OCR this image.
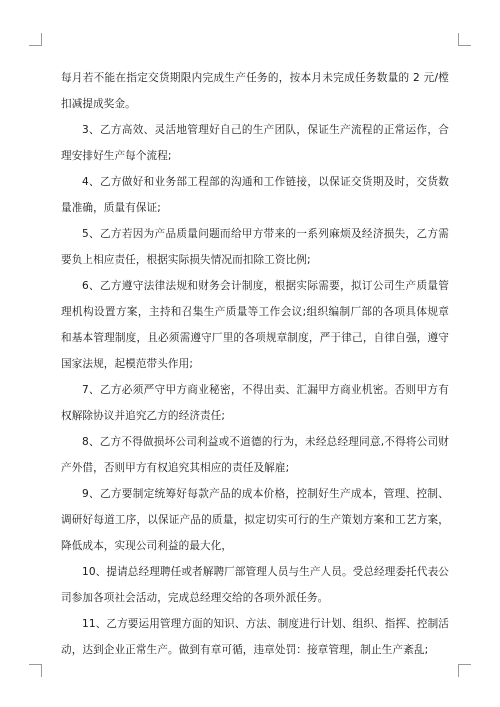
每月若不能在指定交货期限内完成生产任务的，按本月未完成任务数量的 2 元/樘扣减提成奖金。

3、乙方高效、灵活地管理好自己的生产团队，保证生产流程的正常运作，合理安排好生产每个流程;

4、乙方做好和业务部工程部的沟通和工作链接，以保证交货期及时，交货数量准确，质量有保证;

5、乙方若因为产品质量问题而给甲方带来的一系列麻烦及经济损失，乙方需要负上相应责任，根据实际损失情况而扣除工资比例;

6、乙方遵守法律法规和财务会计制度，根据实际需要，拟订公司生产质量管理机构设置方案，主持和召集生产质量等工作会议;组织编制厂部的各项具体规章和基本管理制度，且必须需遵守厂里的各项规章制度，严于律己，自律自强，遵守国家法规，起模范带头作用;

7、乙方必须严守甲方商业秘密，不得出卖、汇漏甲方商业机密。否则甲方有权解除协议并追究乙方的经济责任;

8、乙方不得做损坏公司利益或不道德的行为，未经总经理同意,不得将公司财产外借，否则甲方有权追究其相应的责任及解雇;

9、乙方要制定统筹好每款产品的成本价格，控制好生产成本，管理、控制、调研好每道工序，以保证产品的质量，拟定切实可行的生产策划方案和工艺方案，降低成本，实现公司利益的最大化，

10、提请总经理聘任或者解聘厂部管理人员与生产人员。受总经理委托代表公司参加各项社会活动，完成总经理交给的各项外派任务。

11、乙方要运用管理方面的知识、方法、制度进行计划、组织、指挥、控制活动，达到企业正常生产。做到有章可循，违章处罚：接章管理，制止生产紊乱;
